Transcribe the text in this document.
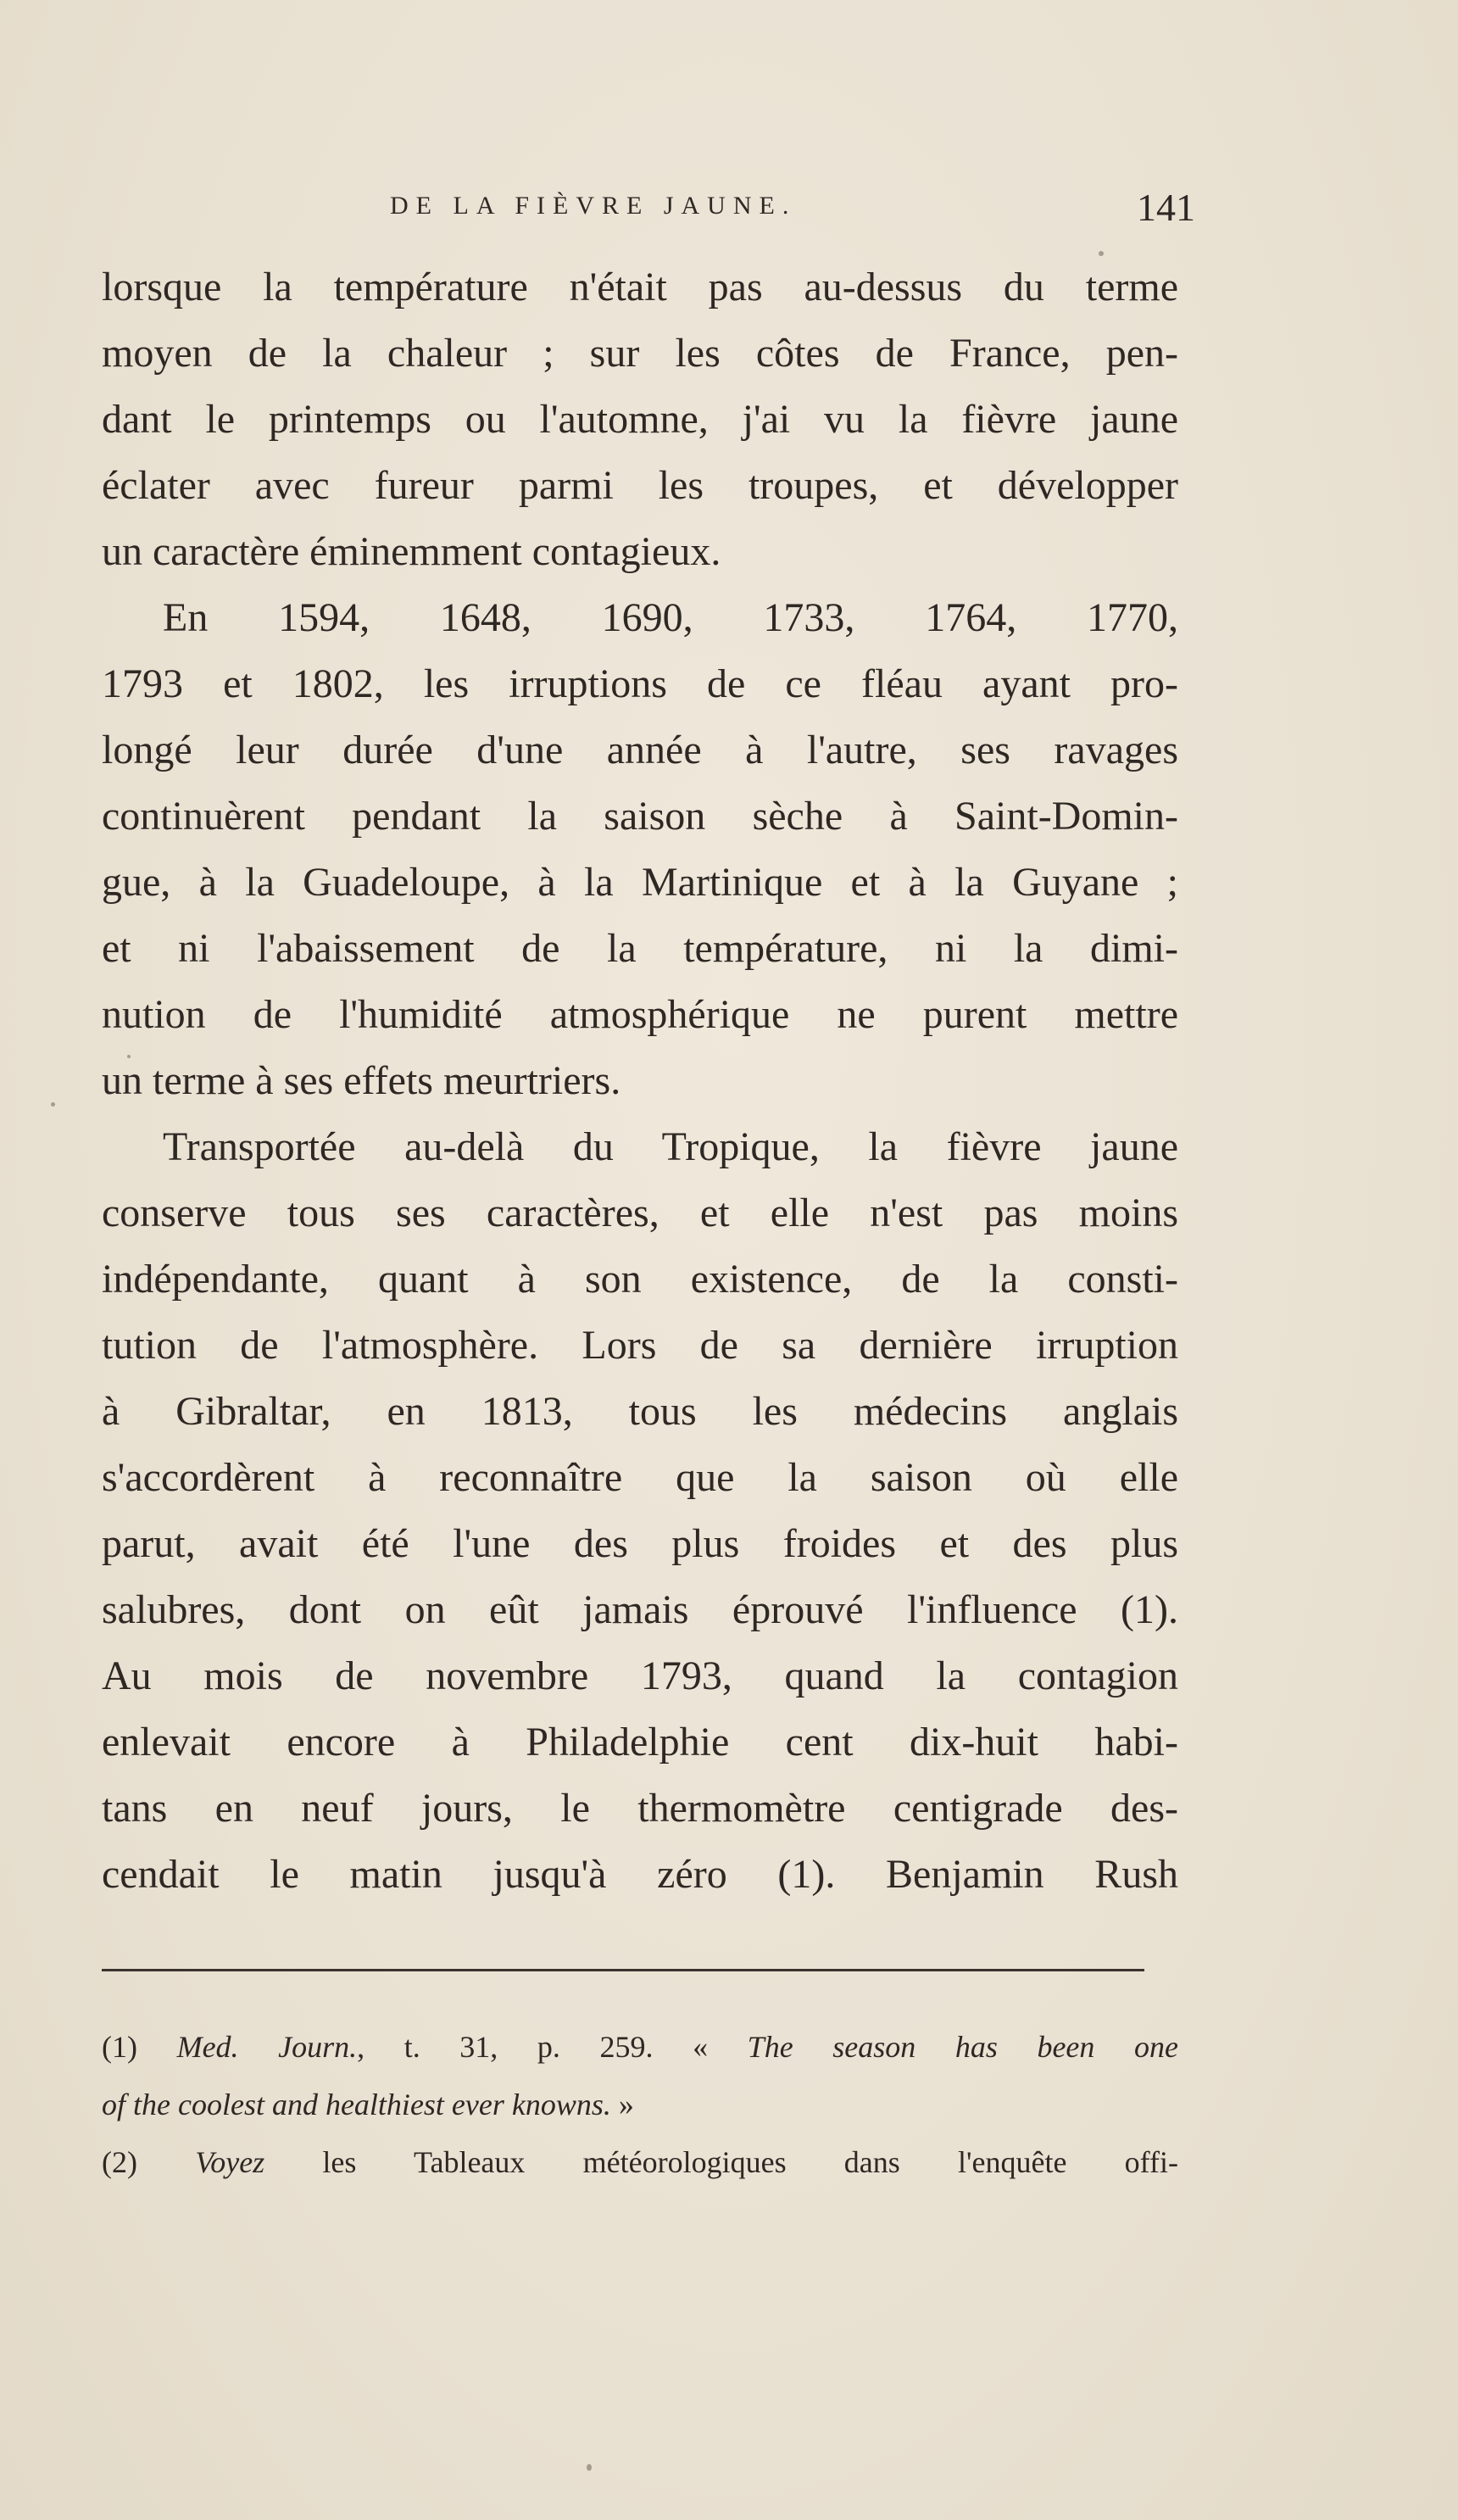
DE LA FIÈVRE JAUNE.	141

lorsque la température n'était pas au-dessus du terme
moyen de la chaleur ; sur les côtes de France, pen-
dant le printemps ou l'automne, j'ai vu la fièvre jaune
éclater avec fureur parmi les troupes, et développer
un caractère éminemment contagieux.

En 1594, 1648, 1690, 1733, 1764, 1770,
1793 et 1802, les irruptions de ce fléau ayant pro-
longé leur durée d'une année à l'autre, ses ravages
continuèrent pendant la saison sèche à Saint-Domin-
gue, à la Guadeloupe, à la Martinique et à la Guyane ;
et ni l'abaissement de la température, ni la dimi-
nution de l'humidité atmosphérique ne purent mettre
un terme à ses effets meurtriers.

Transportée au-delà du Tropique, la fièvre jaune
conserve tous ses caractères, et elle n'est pas moins
indépendante, quant à son existence, de la consti-
tution de l'atmosphère. Lors de sa dernière irruption
à Gibraltar, en 1813, tous les médecins anglais
s'accordèrent à reconnaître que la saison où elle
parut, avait été l'une des plus froides et des plus
salubres, dont on eût jamais éprouvé l'influence (1).
Au mois de novembre 1793, quand la contagion
enlevait encore à Philadelphie cent dix-huit habi-
tans en neuf jours, le thermomètre centigrade des-
cendait le matin jusqu'à zéro (1). Benjamin Rush

(1) Med. Journ., t. 31, p. 259. « The season has been one
of the coolest and healthiest ever knowns. »
(2) Voyez les Tableaux météorologiques dans l'enquête offi-
